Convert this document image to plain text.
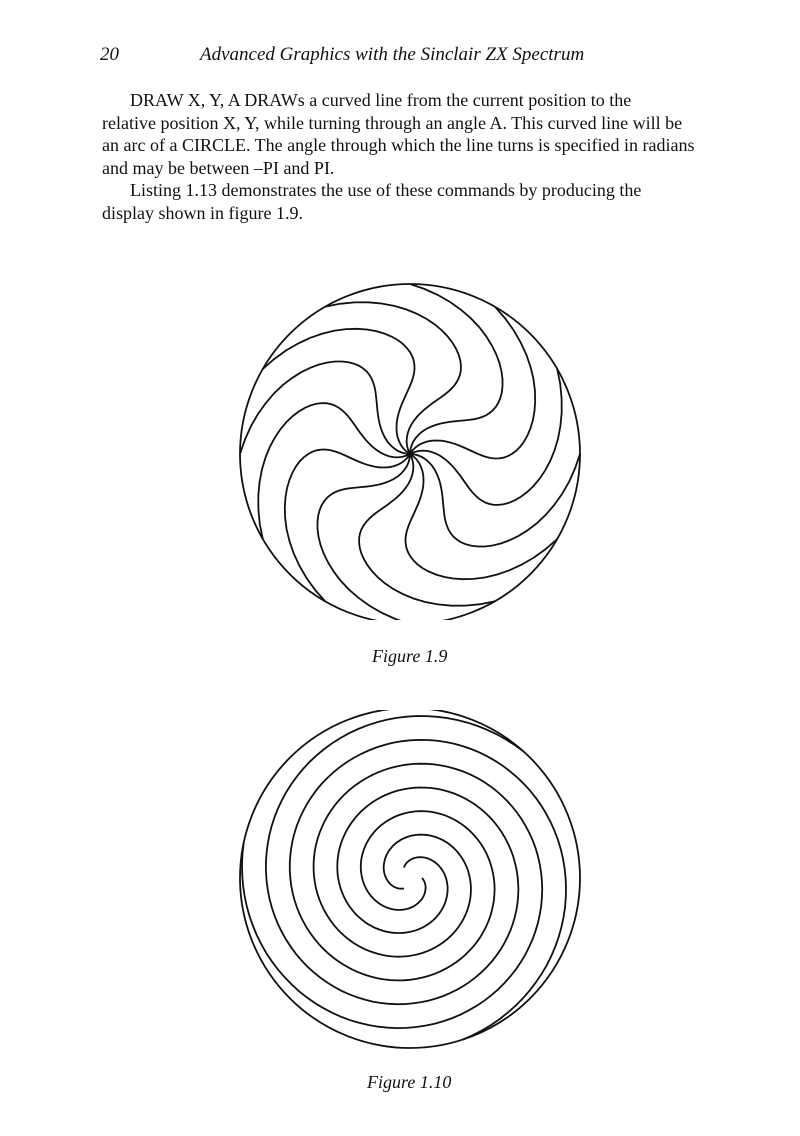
20	Advanced Graphics with the Sinclair ZX Spectrum

DRAW X, Y, A DRAWs a curved line from the current position to the

relative position X, Y, while turning through an angle A. This curved line will be
an arc of a CIRCLE. The angle through which the line turns is specified in radians
and may be between –PI and PI.

Listing 1.13 demonstrates the use of these commands by producing the

display shown in figure 1.9.

Figure 1.9
Figure 1.10
